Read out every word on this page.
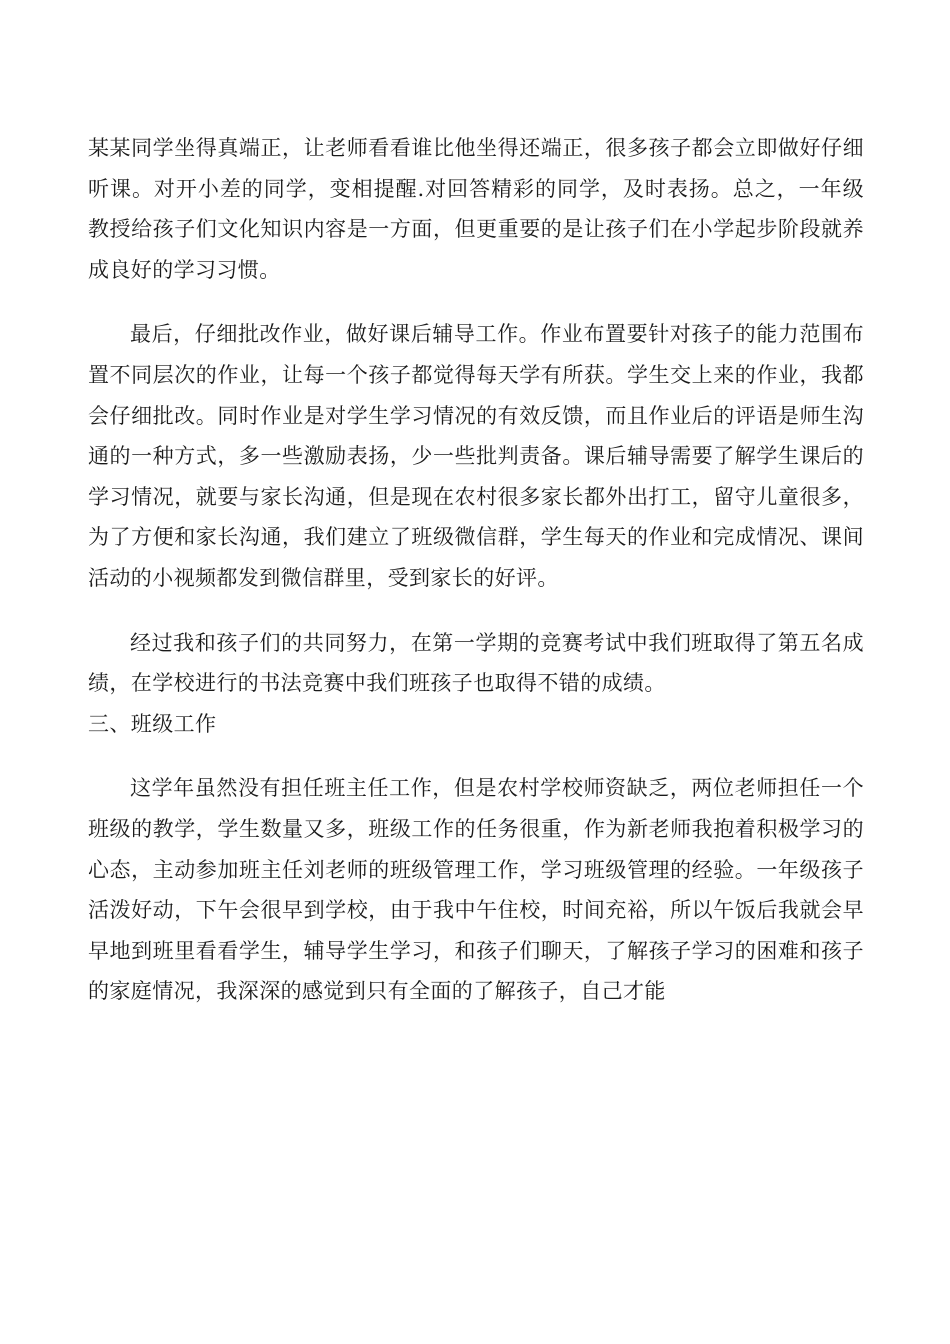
某某同学坐得真端正，让老师看看谁比他坐得还端正，很多孩子都会立即做好仔细听课。对开小差的同学，变相提醒.对回答精彩的同学，及时表扬。总之，一年级教授给孩子们文化知识内容是一方面，但更重要的是让孩子们在小学起步阶段就养成良好的学习习惯。

最后，仔细批改作业，做好课后辅导工作。作业布置要针对孩子的能力范围布置不同层次的作业，让每一个孩子都觉得每天学有所获。学生交上来的作业，我都会仔细批改。同时作业是对学生学习情况的有效反馈，而且作业后的评语是师生沟通的一种方式，多一些激励表扬，少一些批判责备。课后辅导需要了解学生课后的学习情况，就要与家长沟通，但是现在农村很多家长都外出打工，留守儿童很多，为了方便和家长沟通，我们建立了班级微信群，学生每天的作业和完成情况、课间活动的小视频都发到微信群里，受到家长的好评。

经过我和孩子们的共同努力，在第一学期的竞赛考试中我们班取得了第五名成绩，在学校进行的书法竞赛中我们班孩子也取得不错的成绩。

三、班级工作

这学年虽然没有担任班主任工作，但是农村学校师资缺乏，两位老师担任一个班级的教学，学生数量又多，班级工作的任务很重，作为新老师我抱着积极学习的心态，主动参加班主任刘老师的班级管理工作，学习班级管理的经验。一年级孩子活泼好动，下午会很早到学校，由于我中午住校，时间充裕，所以午饭后我就会早早地到班里看看学生，辅导学生学习，和孩子们聊天，了解孩子学习的困难和孩子的家庭情况，我深深的感觉到只有全面的了解孩子，自己才能
